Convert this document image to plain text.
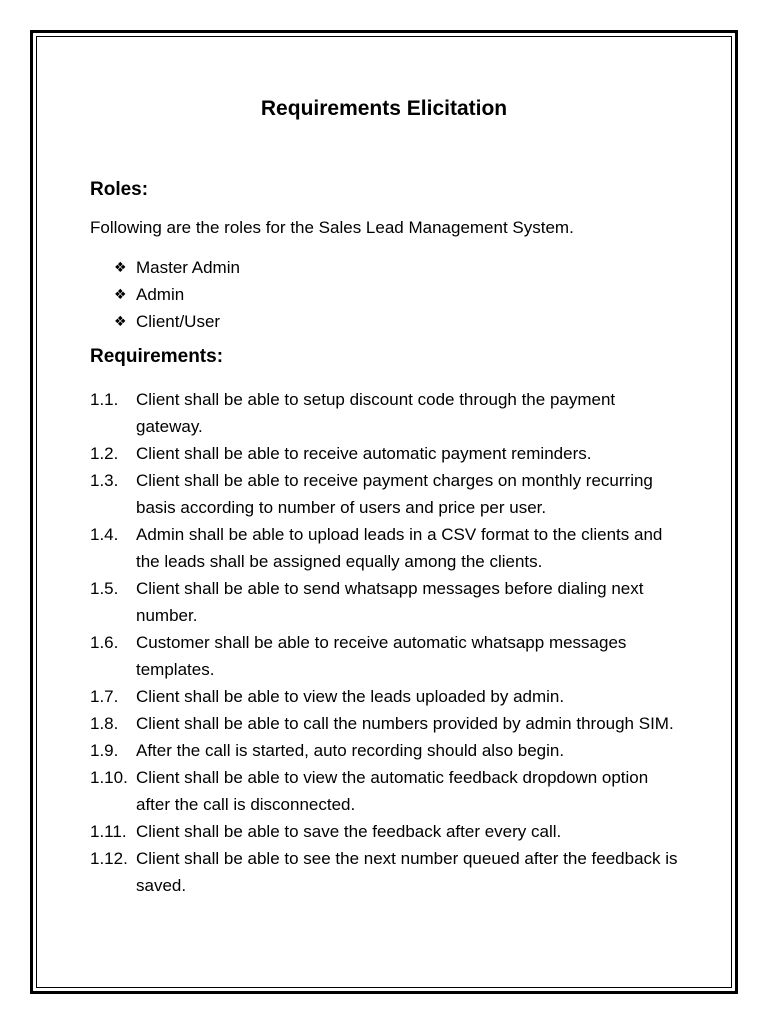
Requirements Elicitation
Roles:

Following are the roles for the Sales Lead Management System.

❖ Master Admin
❖ Admin
❖ Client/User
Requirements:
1.1.	Client shall be able to setup discount code through the payment gateway.
1.2.	Client shall be able to receive automatic payment reminders.
1.3.	Client shall be able to receive payment charges on monthly recurring basis according to number of users and price per user.
1.4.	Admin shall be able to upload leads in a CSV format to the clients and the leads shall be assigned equally among the clients.
1.5.	Client shall be able to send whatsapp messages before dialing next number.
1.6.	Customer shall be able to receive automatic whatsapp messages templates.
1.7.	Client shall be able to view the leads uploaded by admin.
1.8.	Client shall be able to call the numbers provided by admin through SIM.
1.9.	After the call is started, auto recording should also begin.
1.10. Client shall be able to view the automatic feedback dropdown option after the call is disconnected.
1.11. Client shall be able to save the feedback after every call.
1.12. Client shall be able to see the next number queued after the feedback is saved.
